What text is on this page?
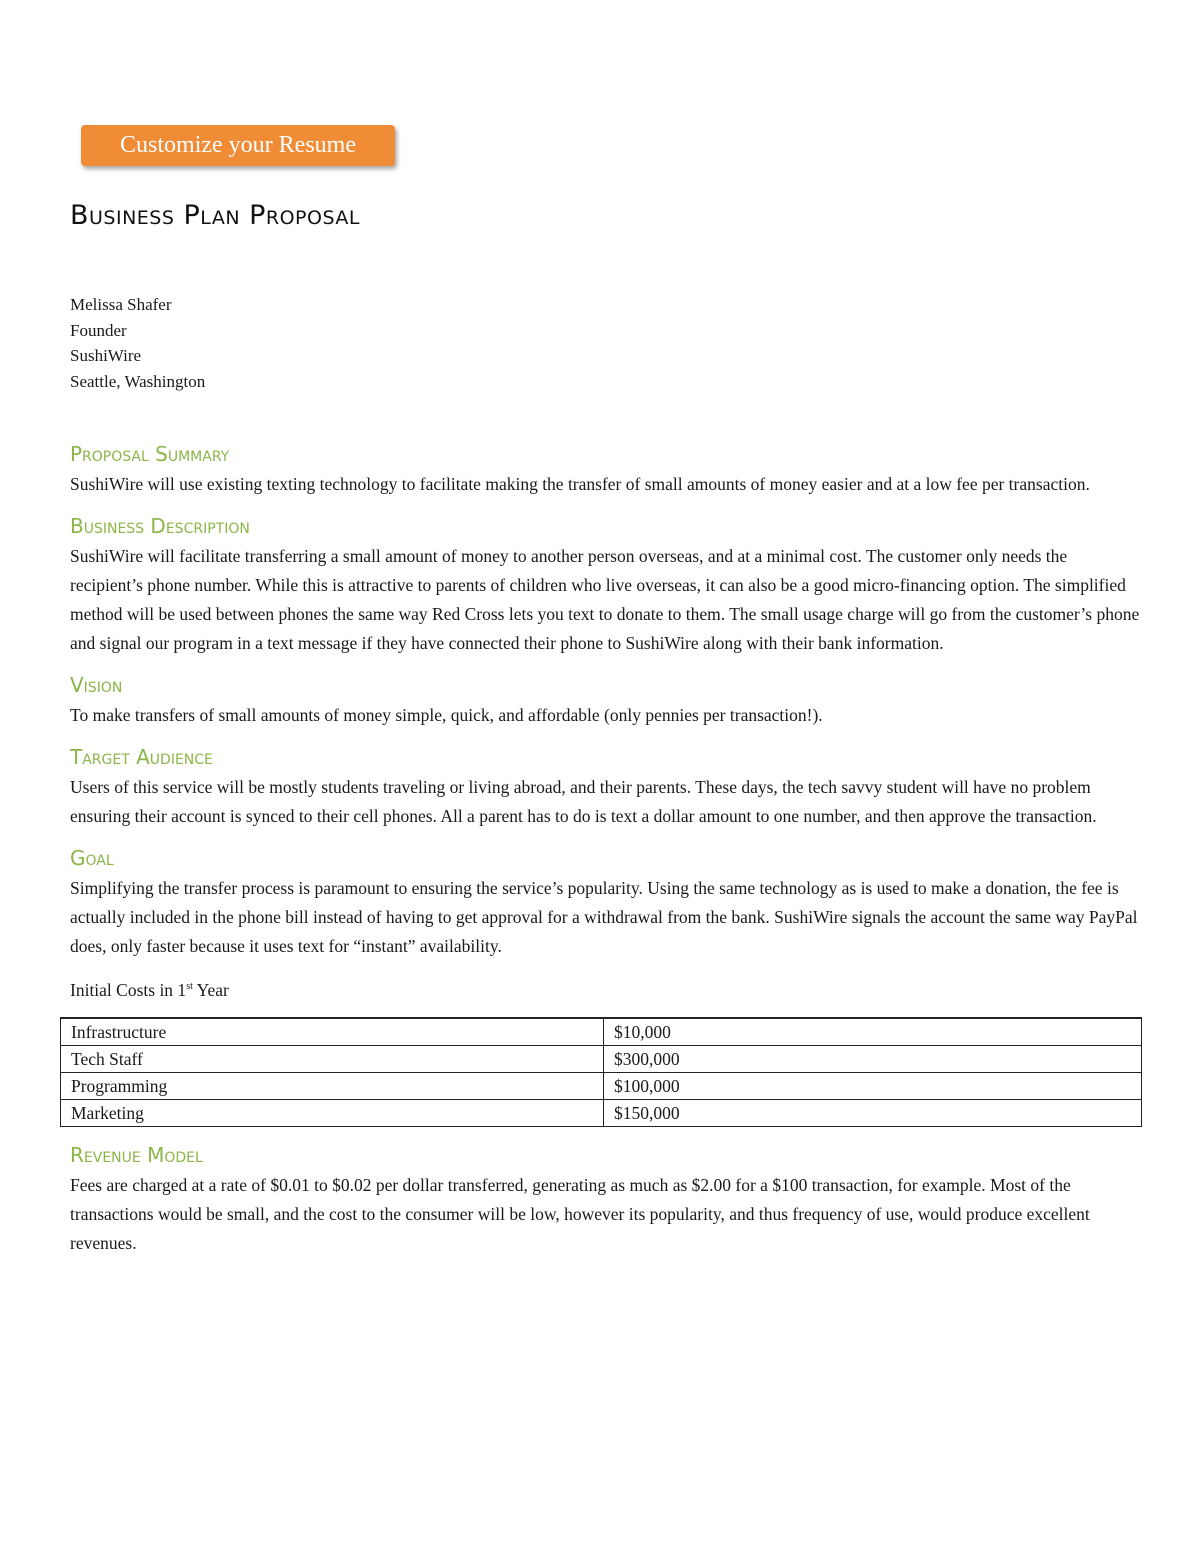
Customize your Resume
Business Plan Proposal
Melissa Shafer
Founder
SushiWire
Seattle, Washington
Proposal Summary

SushiWire will use existing texting technology to facilitate making the transfer of small amounts of money easier and at a low fee per transaction.

Business Description

SushiWire will facilitate transferring a small amount of money to another person overseas, and at a minimal cost. The customer only needs the recipient’s phone number. While this is attractive to parents of children who live overseas, it can also be a good micro-financing option. The simplified method will be used between phones the same way Red Cross lets you text to donate to them. The small usage charge will go from the customer’s phone and signal our program in a text message if they have connected their phone to SushiWire along with their bank information.

Vision

To make transfers of small amounts of money simple, quick, and affordable (only pennies per transaction!).

Target Audience

Users of this service will be mostly students traveling or living abroad, and their parents. These days, the tech savvy student will have no problem ensuring their account is synced to their cell phones. All a parent has to do is text a dollar amount to one number, and then approve the transaction.

Goal

Simplifying the transfer process is paramount to ensuring the service’s popularity. Using the same technology as is used to make a donation, the fee is actually included in the phone bill instead of having to get approval for a withdrawal from the bank. SushiWire signals the account the same way PayPal does, only faster because it uses text for “instant” availability.

Initial Costs in 1st Year

Infrastructure	$10,000
Tech Staff	$300,000
Programming	$100,000
Marketing	$150,000
Revenue Model

Fees are charged at a rate of $0.01 to $0.02 per dollar transferred, generating as much as $2.00 for a $100 transaction, for example. Most of the transactions would be small, and the cost to the consumer will be low, however its popularity, and thus frequency of use, would produce excellent revenues.
